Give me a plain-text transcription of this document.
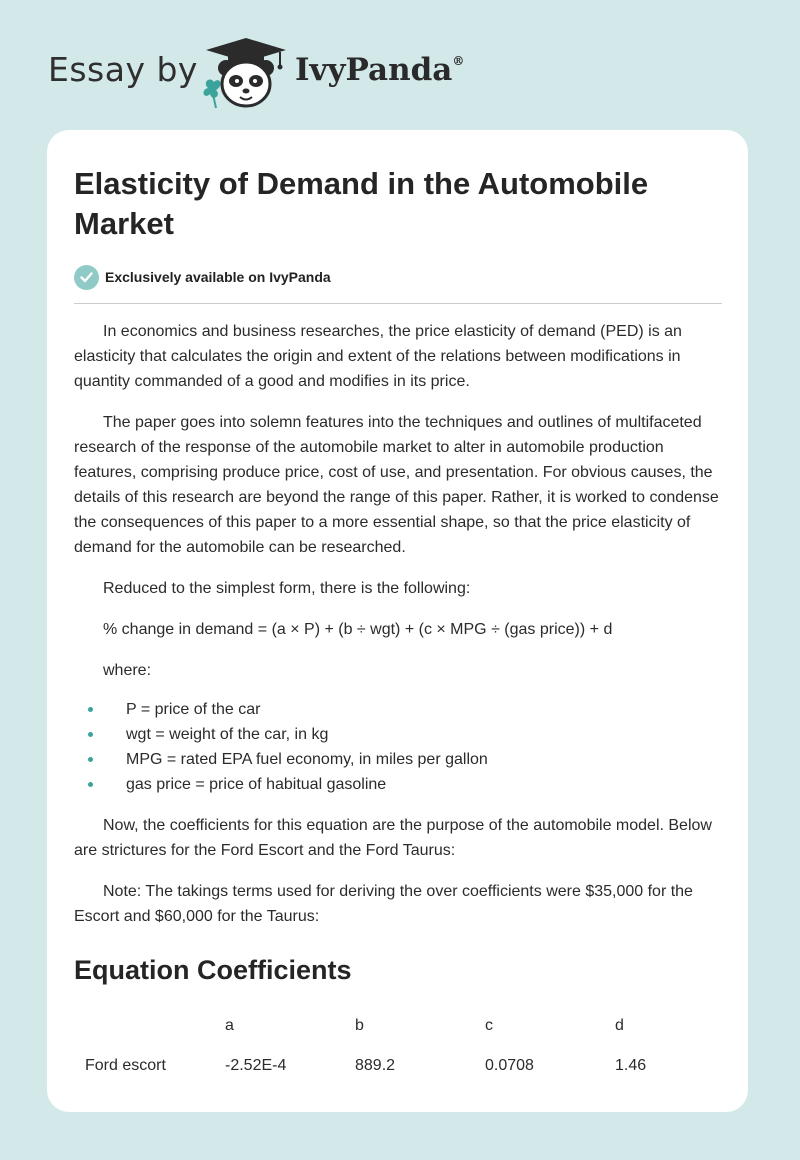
Essay by	IvyPanda®
Elasticity of Demand in the Automobile Market
Exclusively available on IvyPanda

In economics and business researches, the price elasticity of demand (PED) is an elasticity that calculates the origin and extent of the relations between modifications in quantity commanded of a good and modifies in its price.

The paper goes into solemn features into the techniques and outlines of multifaceted research of the response of the automobile market to alter in automobile production features, comprising produce price, cost of use, and presentation. For obvious causes, the details of this research are beyond the range of this paper. Rather, it is worked to condense the consequences of this paper to a more essential shape, so that the price elasticity of demand for the automobile can be researched.

Reduced to the simplest form, there is the following:

% change in demand = (a × P) + (b ÷ wgt) + (c × MPG ÷ (gas price)) + d

where:

P = price of the car
wgt = weight of the car, in kg
MPG = rated EPA fuel economy, in miles per gallon
gas price = price of habitual gasoline

Now, the coefficients for this equation are the purpose of the automobile model. Below are strictures for the Ford Escort and the Ford Taurus:

Note: The takings terms used for deriving the over coefficients were $35,000 for the Escort and $60,000 for the Taurus:

Equation Coefficients
	a	b	c	d
Ford escort	-2.52E-4	889.2	0.0708	1.46
